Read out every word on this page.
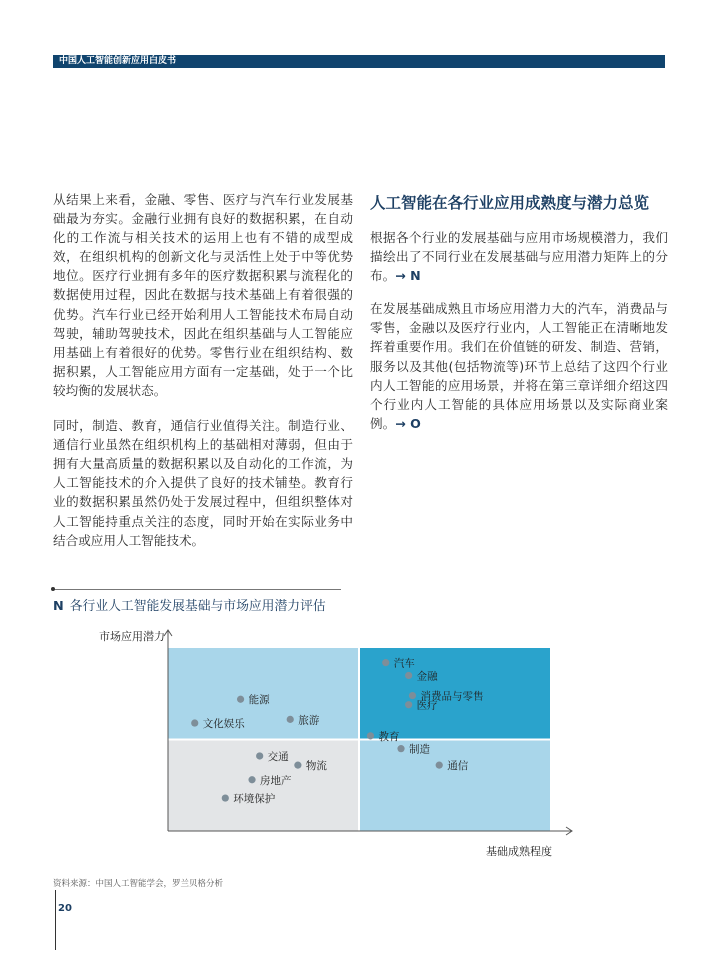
中国人工智能创新应用白皮书

从结果上来看，金融、零售、医疗与汽车行业发展基础最为夯实。金融行业拥有良好的数据积累，在自动化的工作流与相关技术的运用上也有不错的成型成效，在组织机构的创新文化与灵活性上处于中等优势地位。医疗行业拥有多年的医疗数据积累与流程化的数据使用过程，因此在数据与技术基础上有着很强的优势。汽车行业已经开始利用人工智能技术布局自动驾驶，辅助驾驶技术，因此在组织基础与人工智能应用基础上有着很好的优势。零售行业在组织结构、数据积累，人工智能应用方面有一定基础，处于一个比较均衡的发展状态。

同时，制造、教育，通信行业值得关注。制造行业、通信行业虽然在组织机构上的基础相对薄弱，但由于拥有大量高质量的数据积累以及自动化的工作流，为人工智能技术的介入提供了良好的技术铺垫。教育行业的数据积累虽然仍处于发展过程中，但组织整体对人工智能持重点关注的态度，同时开始在实际业务中结合或应用人工智能技术。

人工智能在各行业应用成熟度与潜力总览

根据各个行业的发展基础与应用市场规模潜力，我们描绘出了不同行业在发展基础与应用潜力矩阵上的分布。→ N

在发展基础成熟且市场应用潜力大的汽车，消费品与零售，金融以及医疗行业内，人工智能正在清晰地发挥着重要作用。我们在价值链的研发、制造、营销，服务以及其他(包括物流等)环节上总结了这四个行业内人工智能的应用场景，并将在第三章详细介绍这四个行业内人工智能的具体应用场景以及实际商业案例。→ O

N 各行业人工智能发展基础与市场应用潜力评估
市场应用潜力
基础成熟程度
汽车
金融
消费品与零售
医疗
教育
制造
通信
能源
文化娱乐	旅游
交通
物流
房地产
环境保护
资料来源：中国人工智能学会，罗兰贝格分析
20
